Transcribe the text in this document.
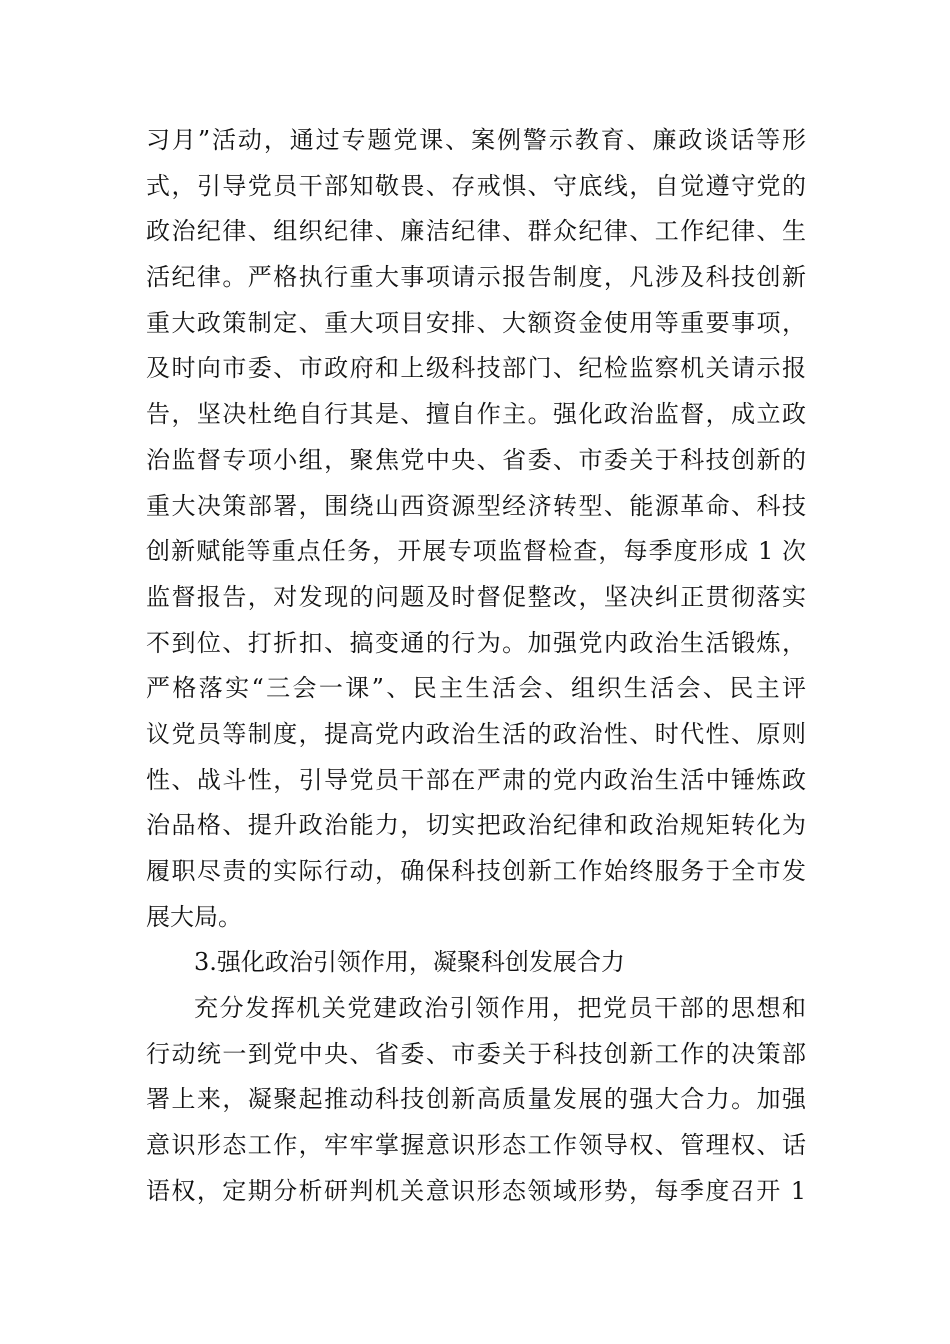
习月”活动，通过专题党课、案例警示教育、廉政谈话等形
式，引导党员干部知敬畏、存戒惧、守底线，自觉遵守党的
政治纪律、组织纪律、廉洁纪律、群众纪律、工作纪律、生
活纪律。严格执行重大事项请示报告制度，凡涉及科技创新
重大政策制定、重大项目安排、大额资金使用等重要事项，
及时向市委、市政府和上级科技部门、纪检监察机关请示报
告，坚决杜绝自行其是、擅自作主。强化政治监督，成立政
治监督专项小组，聚焦党中央、省委、市委关于科技创新的
重大决策部署，围绕山西资源型经济转型、能源革命、科技
创新赋能等重点任务，开展专项监督检查，每季度形成 1 次
监督报告，对发现的问题及时督促整改，坚决纠正贯彻落实
不到位、打折扣、搞变通的行为。加强党内政治生活锻炼，
严格落实“三会一课”、民主生活会、组织生活会、民主评
议党员等制度，提高党内政治生活的政治性、时代性、原则
性、战斗性，引导党员干部在严肃的党内政治生活中锤炼政
治品格、提升政治能力，切实把政治纪律和政治规矩转化为
履职尽责的实际行动，确保科技创新工作始终服务于全市发
展大局。
3.强化政治引领作用，凝聚科创发展合力
充分发挥机关党建政治引领作用，把党员干部的思想和
行动统一到党中央、省委、市委关于科技创新工作的决策部
署上来，凝聚起推动科技创新高质量发展的强大合力。加强
意识形态工作，牢牢掌握意识形态工作领导权、管理权、话
语权，定期分析研判机关意识形态领域形势，每季度召开 1
